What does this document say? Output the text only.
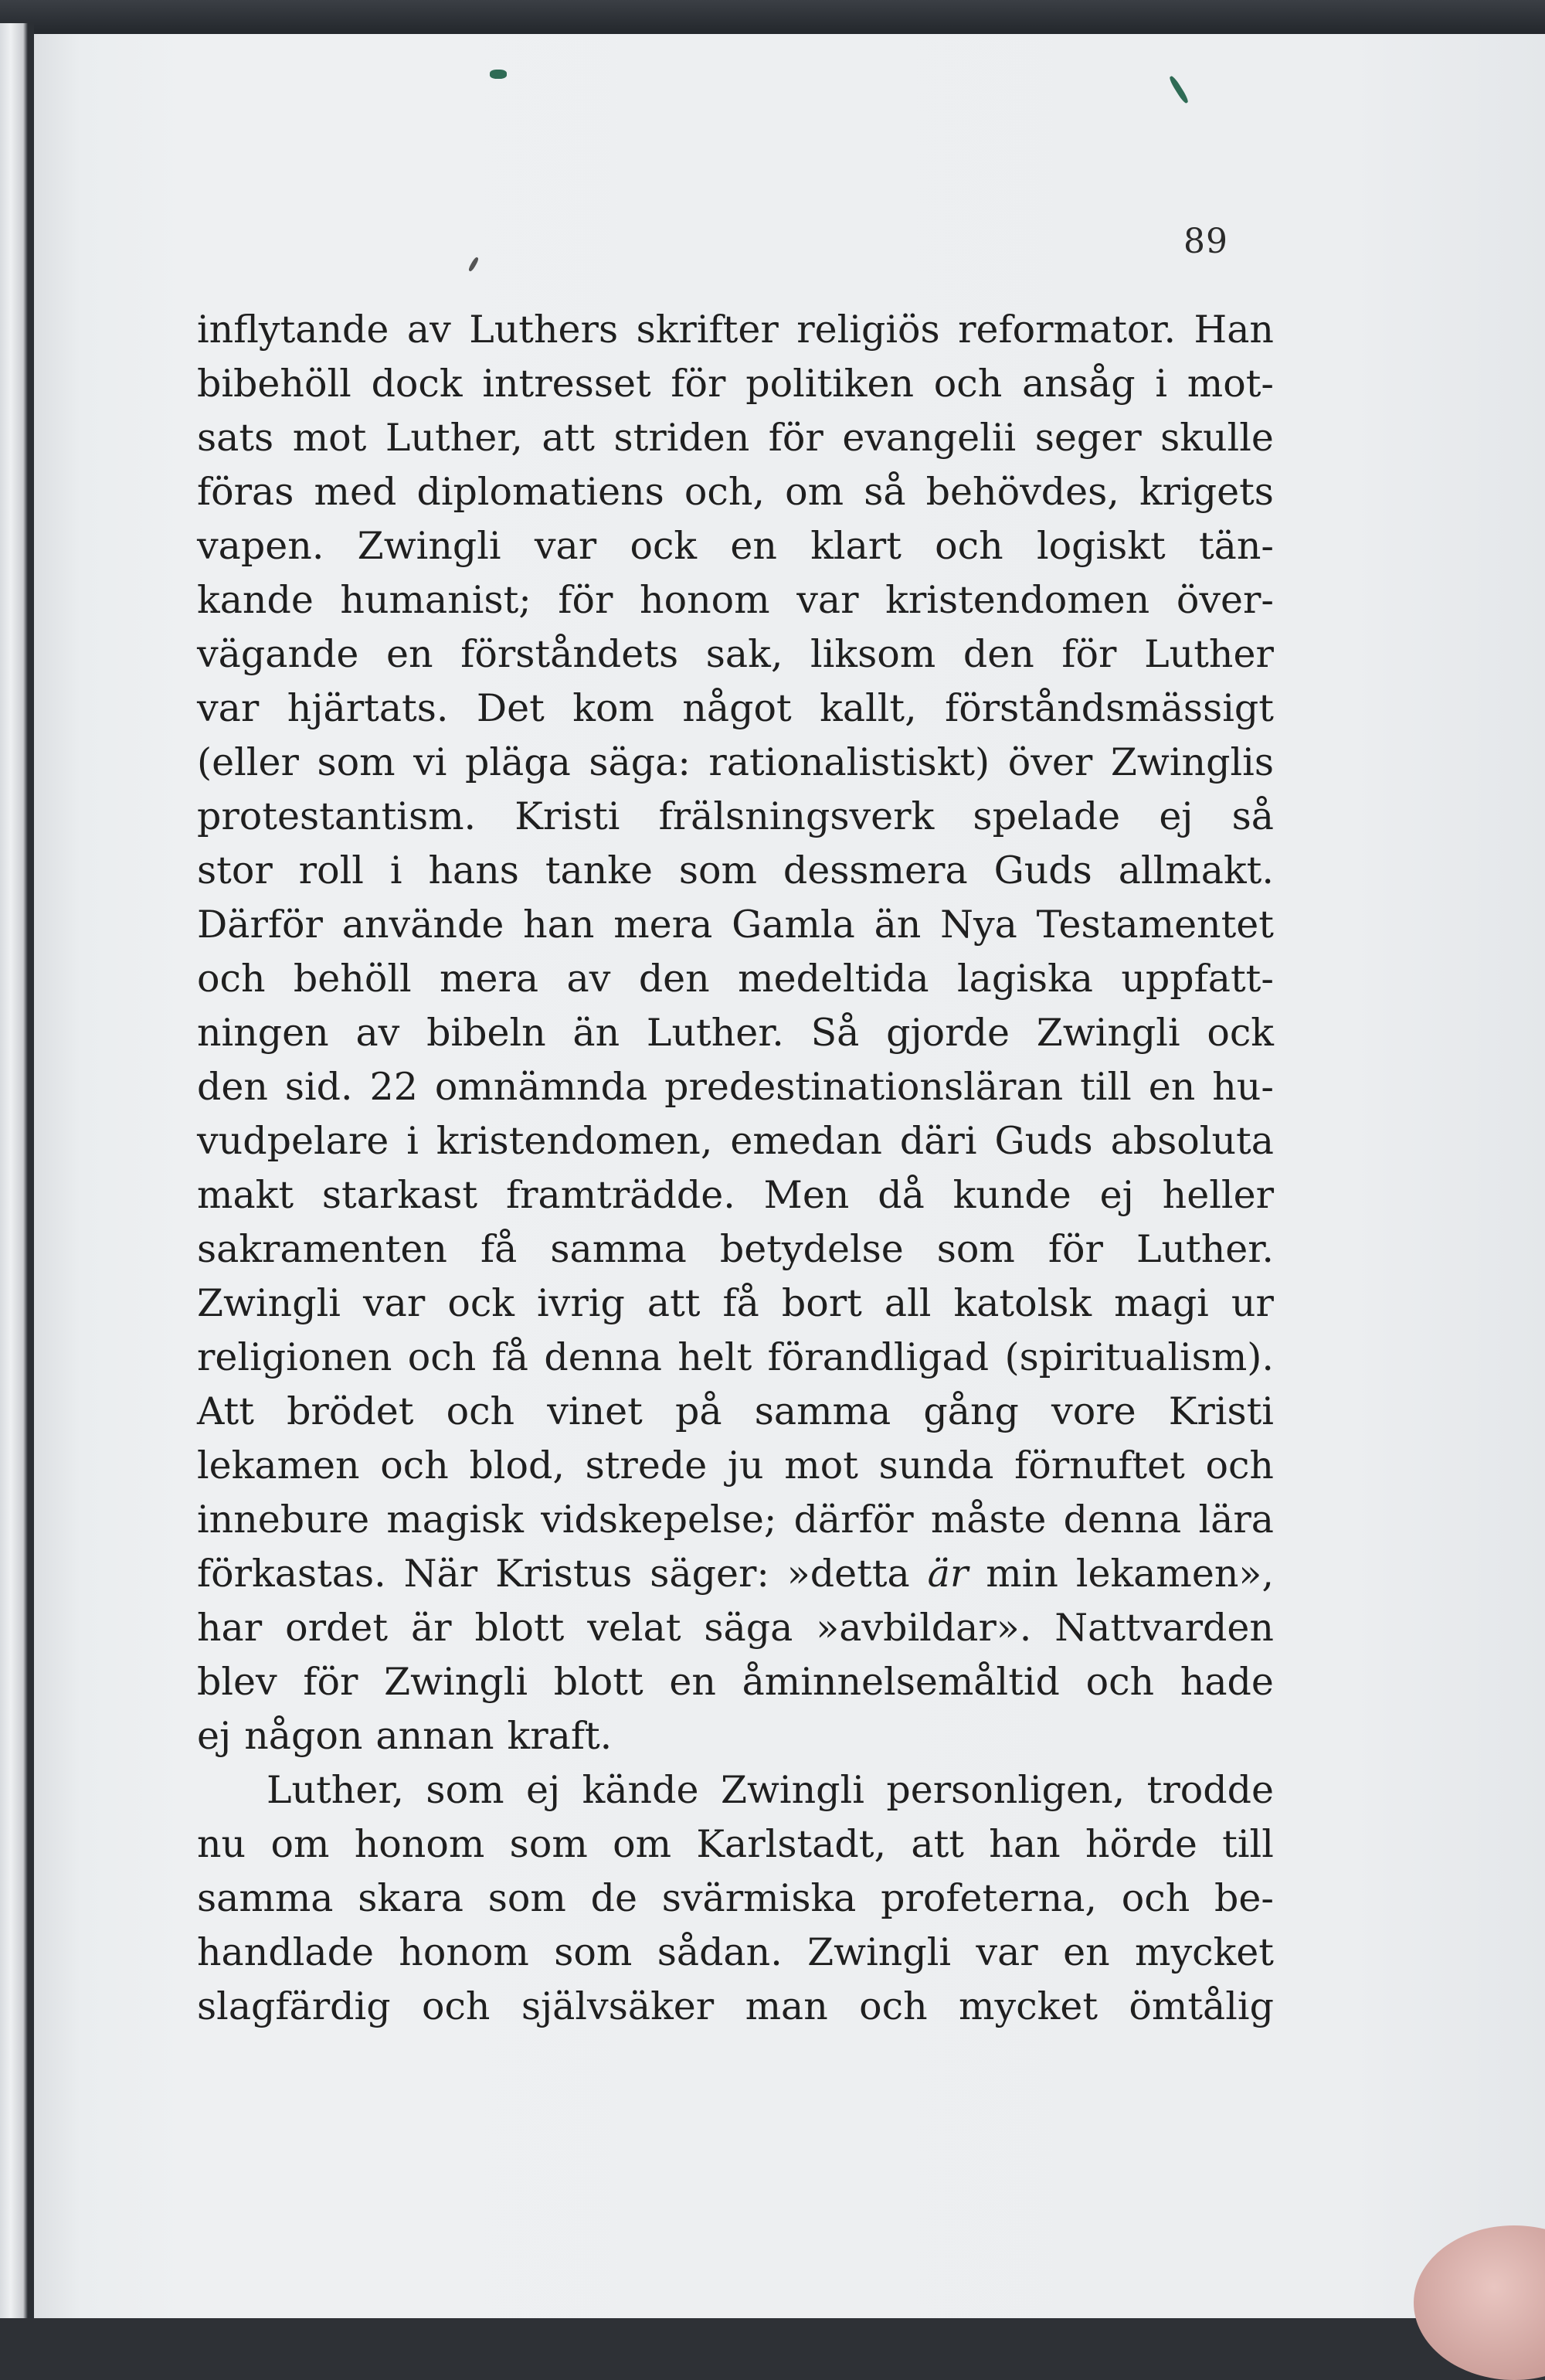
89
inflytande av Luthers skrifter religiös reformator. Han
bibehöll dock intresset för politiken och ansåg i mot-
sats mot Luther, att striden för evangelii seger skulle
föras med diplomatiens och, om så behövdes, krigets
vapen. Zwingli var ock en klart och logiskt tän-
kande humanist; för honom var kristendomen över-
vägande en förståndets sak, liksom den för Luther
var hjärtats. Det kom något kallt, förståndsmässigt
(eller som vi pläga säga: rationalistiskt) över Zwinglis
protestantism. Kristi frälsningsverk spelade ej så
stor roll i hans tanke som dessmera Guds allmakt.
Därför använde han mera Gamla än Nya Testamentet
och behöll mera av den medeltida lagiska uppfatt-
ningen av bibeln än Luther. Så gjorde Zwingli ock
den sid. 22 omnämnda predestinationsläran till en hu-
vudpelare i kristendomen, emedan däri Guds absoluta
makt starkast framträdde. Men då kunde ej heller
sakramenten få samma betydelse som för Luther.
Zwingli var ock ivrig att få bort all katolsk magi ur
religionen och få denna helt förandligad (spiritualism).
Att brödet och vinet på samma gång vore Kristi
lekamen och blod, strede ju mot sunda förnuftet och
innebure magisk vidskepelse; därför måste denna lära
förkastas. När Kristus säger: »detta är min lekamen»,
har ordet är blott velat säga »avbildar». Nattvarden
blev för Zwingli blott en åminnelsemåltid och hade
ej någon annan kraft.
Luther, som ej kände Zwingli personligen, trodde
nu om honom som om Karlstadt, att han hörde till
samma skara som de svärmiska profeterna, och be-
handlade honom som sådan. Zwingli var en mycket
slagfärdig och självsäker man och mycket ömtålig
